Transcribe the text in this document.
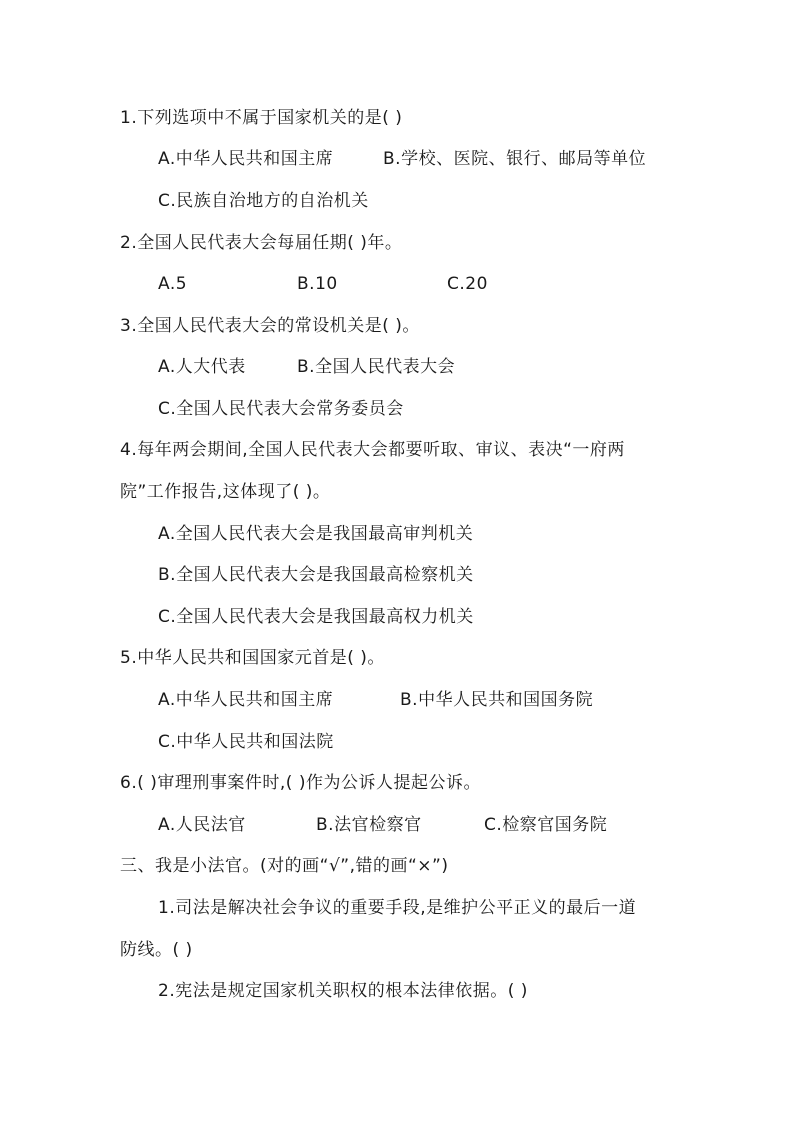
1.下列选项中不属于国家机关的是( )
A.中华人民共和国主席	B.学校、医院、银行、邮局等单位
C.民族自治地方的自治机关
2.全国人民代表大会每届任期( )年。
A.5	B.10	C.20
3.全国人民代表大会的常设机关是( )。
A.人大代表	B.全国人民代表大会
C.全国人民代表大会常务委员会
4.每年两会期间,全国人民代表大会都要听取、审议、表决“一府两
院”工作报告,这体现了( )。
A.全国人民代表大会是我国最高审判机关
B.全国人民代表大会是我国最高检察机关
C.全国人民代表大会是我国最高权力机关
5.中华人民共和国国家元首是( )。
A.中华人民共和国主席	B.中华人民共和国国务院
C.中华人民共和国法院
6.( )审理刑事案件时,( )作为公诉人提起公诉。
A.人民法官	B.法官检察官	C.检察官国务院
三、我是小法官。(对的画“√”,错的画“×”)
1.司法是解决社会争议的重要手段,是维护公平正义的最后一道
防线。( )
2.宪法是规定国家机关职权的根本法律依据。( )
